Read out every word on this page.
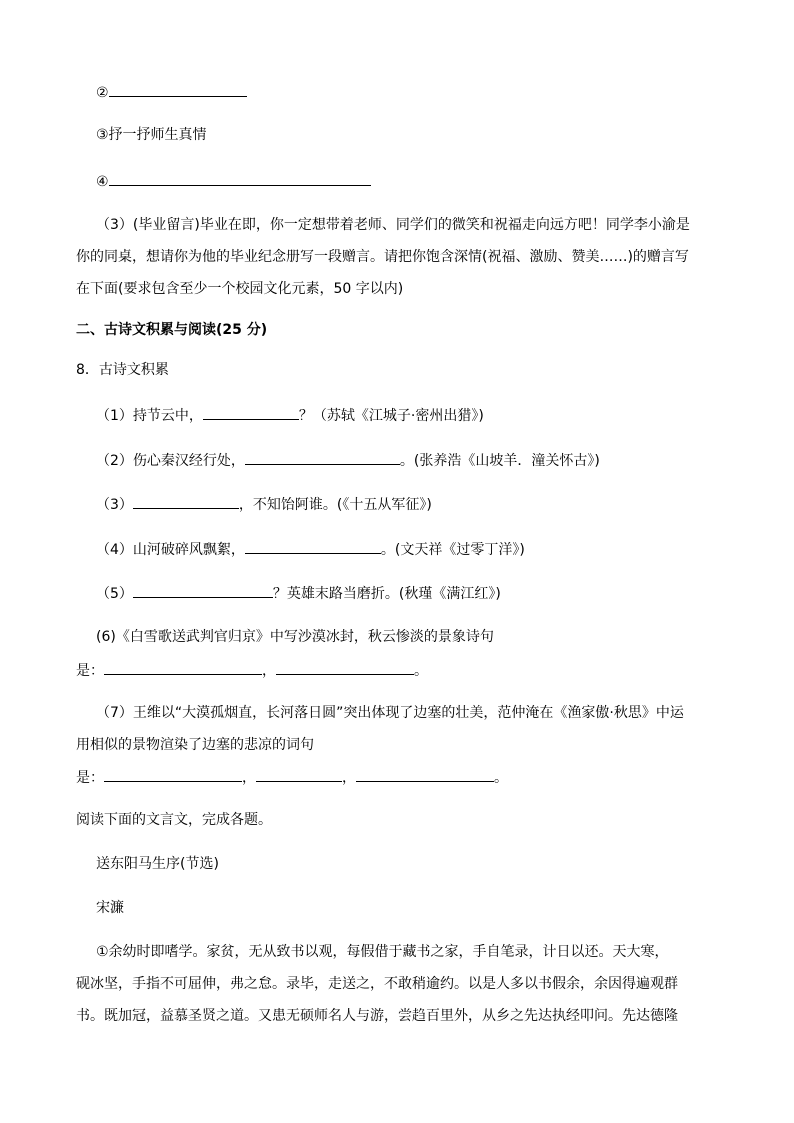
②
③抒一抒师生真情
④
（3）(毕业留言)毕业在即，你一定想带着老师、同学们的微笑和祝福走向远方吧！同学李小渝是
你的同桌，想请你为他的毕业纪念册写一段赠言。请把你饱含深情(祝福、激励、赞美……)的赠言写
在下面(要求包含至少一个校园文化元素，50 字以内)
二、古诗文积累与阅读(25 分)
8．古诗文积累
（1）持节云中，	？（苏轼《江城子·密州出猎》)
（2）伤心秦汉经行处，	。(张养浩《山坡羊．潼关怀古》)
（3）	，不知饴阿谁。(《十五从军征》)
（4）山河破碎风飘絮，	。(文天祥《过零丁洋》)
（5）	？英雄末路当磨折。(秋瑾《满江红》)
(6)《白雪歌送武判官归京》中写沙漠冰封，秋云惨淡的景象诗句
是：	，	。
（7）王维以“大漠孤烟直，长河落日圆”突出体现了边塞的壮美，范仲淹在《渔家傲·秋思》中运
用相似的景物渲染了边塞的悲凉的词句
是：	，	，	。
阅读下面的文言文，完成各题。
送东阳马生序(节选)
宋濂
①余幼时即嗜学。家贫，无从致书以观，每假借于藏书之家，手自笔录，计日以还。天大寒，
砚冰坚，手指不可屈伸，弗之怠。录毕，走送之，不敢稍逾约。以是人多以书假余，余因得遍观群
书。既加冠，益慕圣贤之道。又患无硕师名人与游，尝趋百里外，从乡之先达执经叩问。先达德隆
